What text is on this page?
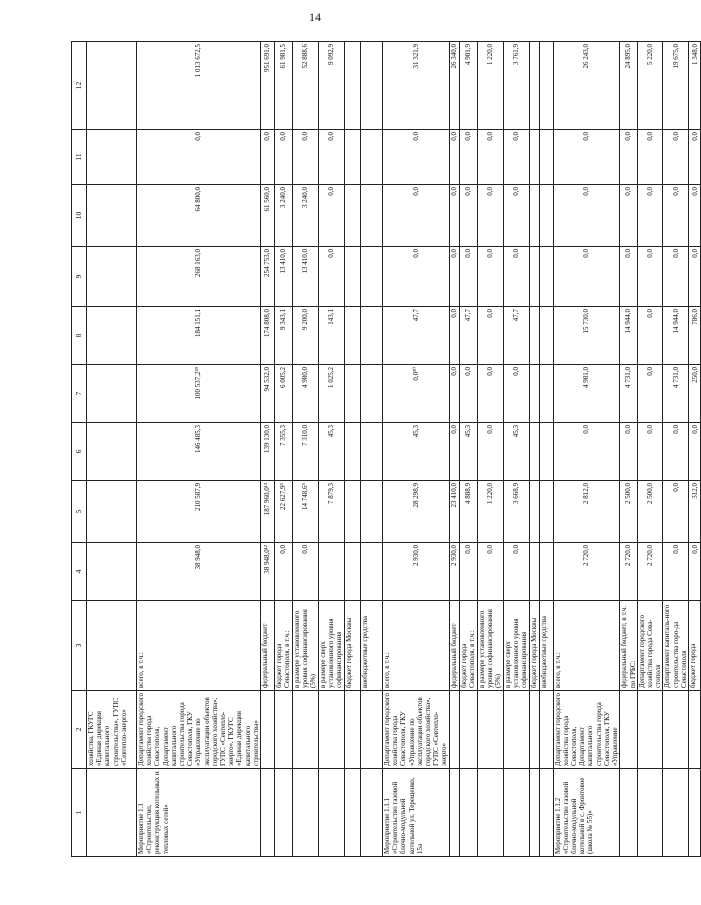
14
1	2	3	4	5	6	7	8	9	10	11	12
	хозяйства, ГКУГС «Единая дирекция капитального строительства», ГУПС «Севтепло-энерго»										
Мероприятие 1.1 «Строительство, реконструкция котельных и тепловых сетей»	Департамент городского хозяйства города Севастополя, Департамент капитального строительства города Севастополя, ГКУ «Управление по эксплуатации объектов городского хозяйства», ГУПС «Севтепло-энерго», ГКУГС «Единая дирекция капитального строительства»	всего, в т.ч.:	38 948,0	210 587,9	146 485,3	100 537,2²⁹	184 151,1	268 163,0	64 800,0	0,0	1 013 672,5
		федеральный бюджет	38 948,0¹²	187 960,0¹³	139 130,0	94 532,0	174 808,0	254 753,0	61 560,0	0,0	951 691,0
		бюджет города Севастополя, в т.ч.:	0,0	22 627,9⁵	7 355,3	6 005,2	9 343,1	13 410,0	3 240,0	0,0	61 981,5
		в размере установленного уровня софинансирования (5%)	0,0	14 748,6⁵	7 310,0	4 980,0	9 200,0	13 410,0	3 240,0	0,0	52 888,6
		в размере сверх установленного уровня софинансирования		7 879,3	45,3	1 025,2	143,1	0,0	0,0	0,0	9 092,9
		бюджет города Москвы									
		внебюджетные средства									
Мероприятие 1.1.1 «Строительство газовой блочно-модульной котельной ул. Терещенко, 15а	Департамент городского хозяйства города Севастополя, ГКУ «Управление по эксплуатации объектов городского хозяйства», ГУПС «Севтепло-энерго»	всего, в т.ч.:	2 930,0	28 298,9	45,3	0,0³⁰	47,7	0,0	0,0	0,0	31 321,9
		федеральный бюджет	2 930,0	23 410,0	0,0	0,0	0,0	0,0	0,0	0,0	26 340,0
		бюджет города Севастополя, в т.ч.:	0,0	4 888,9	45,3	0,0	47,7	0,0	0,0	0,0	4 981,9
		в размере установленного уровня софинансирования (5%)	0,0	1 220,0	0,0	0,0	0,0	0,0	0,0	0,0	1 220,0
		в размере сверх установленного уровня софинансирования	0,0	3 668,9	45,3	0,0	47,7	0,0	0,0	0,0	3 761,9
		бюджет города Москвы									
		внебюджетные средства									
Мероприятие 1.1.2 «Строительство газовой блочно-модульной котельной в с. Фронтовое (школа № 55)»	Департамент городского хозяйства города Севастополя, Департамент капитального строительства города Севастополя, ГКУ «Управление	всего, в т.ч.:	2 720,0	2 812,0	0,0	4 981,0	15 730,0	0,0	0,0	0,0	26 243,0
		федеральный бюджет, в т.ч. по ГРБС:	2 720,0	2 500,0	0,0	4 731,0	14 944,0	0,0	0,0	0,0	24 895,0
		Департамент городского хозяйства города Сева-стополя	2 720,0	2 500,0	0,0	0,0	0,0	0,0	0,0	0,0	5 220,0
		Департамент капиталь-ного строительства горо-да Севастополя	0,0	0,0	0,0	4 731,0	14 944,0	0,0	0,0	0,0	19 675,0
		бюджет города	0,0	312,0	0,0	250,0	786,0	0,0	0,0	0,0	1 348,0
